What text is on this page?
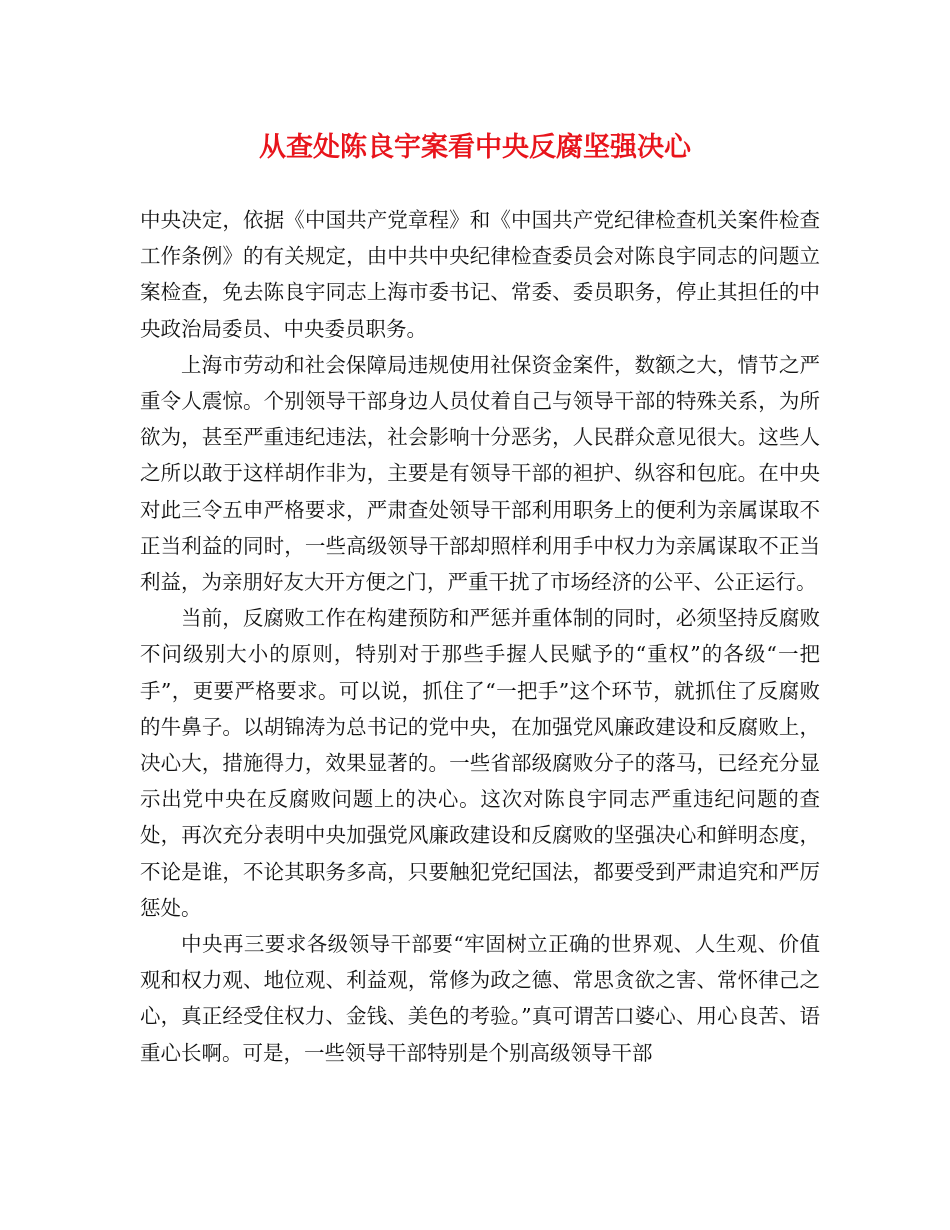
从查处陈良宇案看中央反腐坚强决心

中央决定，依据《中国共产党章程》和《中国共产党纪律检查机关案件检查工作条例》的有关规定，由中共中央纪律检查委员会对陈良宇同志的问题立案检查，免去陈良宇同志上海市委书记、常委、委员职务，停止其担任的中央政治局委员、中央委员职务。

上海市劳动和社会保障局违规使用社保资金案件，数额之大，情节之严重令人震惊。个别领导干部身边人员仗着自己与领导干部的特殊关系，为所欲为，甚至严重违纪违法，社会影响十分恶劣，人民群众意见很大。这些人之所以敢于这样胡作非为，主要是有领导干部的袒护、纵容和包庇。在中央对此三令五申严格要求，严肃查处领导干部利用职务上的便利为亲属谋取不正当利益的同时，一些高级领导干部却照样利用手中权力为亲属谋取不正当利益，为亲朋好友大开方便之门，严重干扰了市场经济的公平、公正运行。

当前，反腐败工作在构建预防和严惩并重体制的同时，必须坚持反腐败不问级别大小的原则，特别对于那些手握人民赋予的“重权”的各级“一把手”，更要严格要求。可以说，抓住了“一把手”这个环节，就抓住了反腐败的牛鼻子。以胡锦涛为总书记的党中央，在加强党风廉政建设和反腐败上，决心大，措施得力，效果显著的。一些省部级腐败分子的落马，已经充分显示出党中央在反腐败问题上的决心。这次对陈良宇同志严重违纪问题的查处，再次充分表明中央加强党风廉政建设和反腐败的坚强决心和鲜明态度，不论是谁，不论其职务多高，只要触犯党纪国法，都要受到严肃追究和严厉惩处。

中央再三要求各级领导干部要“牢固树立正确的世界观、人生观、价值观和权力观、地位观、利益观，常修为政之德、常思贪欲之害、常怀律己之心，真正经受住权力、金钱、美色的考验。”真可谓苦口婆心、用心良苦、语重心长啊。可是，一些领导干部特别是个别高级领导干部
